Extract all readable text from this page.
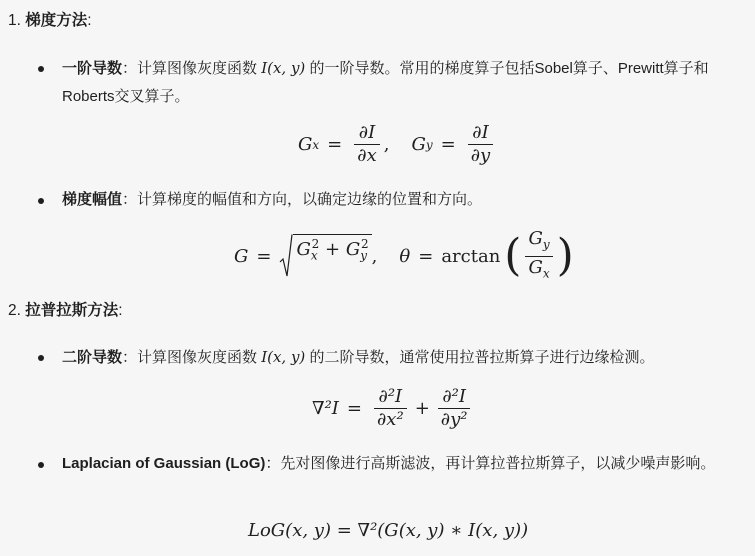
1. 梯度方法:
一阶导数：计算图像灰度函数 I(x, y) 的一阶导数。常用的梯度算子包括Sobel算子、Prewitt算子和Roberts交叉算子。
G $x = \frac{\partial I}{\partial x}$ , G $y = \frac{\partial I}{\partial y}$
梯度幅值：计算梯度的幅值和方向，以确定边缘的位置和方向。
$G = G_x^2 + G_y^2$
, θ = arctan ( $\frac{G_y}{G_x}$ )
2. 拉普拉斯方法:
二阶导数：计算图像灰度函数 I(x, y) 的二阶导数，通常使用拉普拉斯算子进行边缘检测。
$\nabla^2I = \frac{\text{∂²I}}{\text{∂x²}} + \frac{\text{∂²I}}{\text{∂y²}}$
Laplacian of Gaussian (LoG)：先对图像进行高斯滤波，再计算拉普拉斯算子，以减少噪声影响。
LoG(x, y) = ∇²(G(x, y) ∗ I(x, y))
